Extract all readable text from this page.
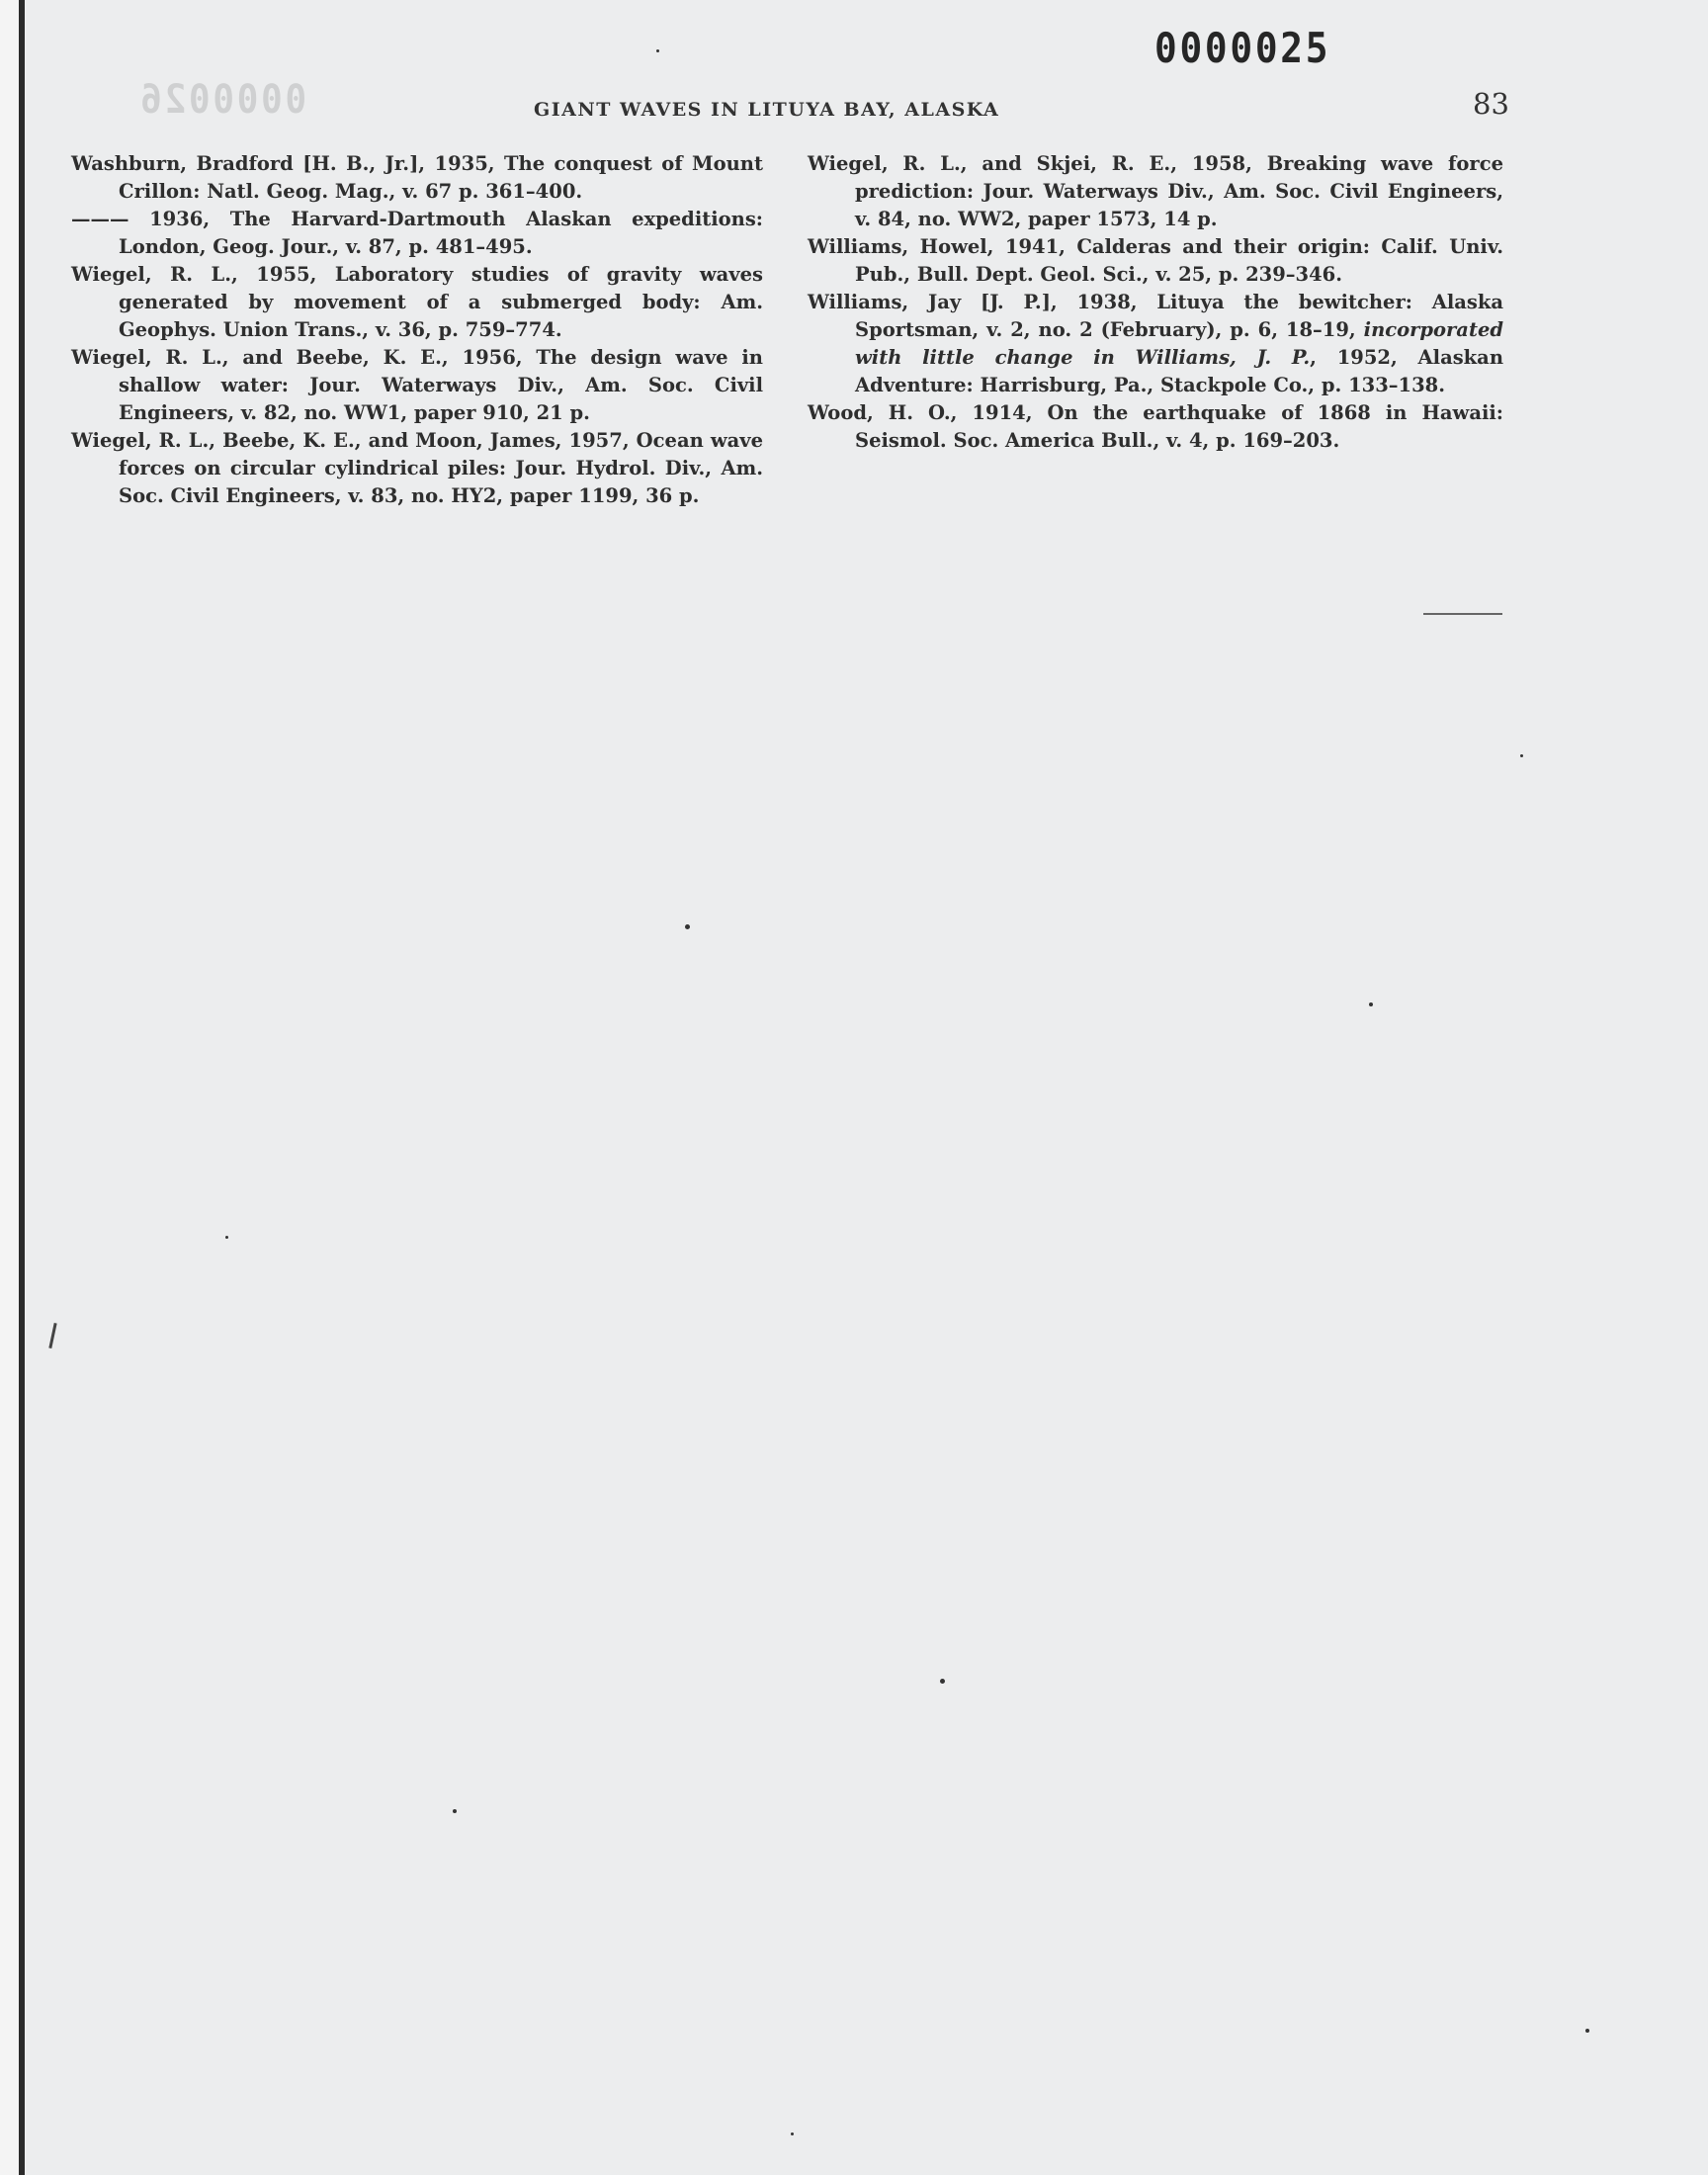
0000026
0000025
GIANT WAVES IN LITUYA BAY, ALASKA	83

Washburn, Bradford [H. B., Jr.], 1935, The conquest of Mount Crillon: Natl. Geog. Mag., v. 67 p. 361–400.

——— 1936, The Harvard-Dartmouth Alaskan expeditions: London, Geog. Jour., v. 87, p. 481–495.

Wiegel, R. L., 1955, Laboratory studies of gravity waves generated by movement of a submerged body: Am. Geophys. Union Trans., v. 36, p. 759–774.

Wiegel, R. L., and Beebe, K. E., 1956, The design wave in shallow water: Jour. Waterways Div., Am. Soc. Civil Engineers, v. 82, no. WW1, paper 910, 21 p.

Wiegel, R. L., Beebe, K. E., and Moon, James, 1957, Ocean wave forces on circular cylindrical piles: Jour. Hydrol. Div., Am. Soc. Civil Engineers, v. 83, no. HY2, paper 1199, 36 p.

Wiegel, R. L., and Skjei, R. E., 1958, Breaking wave force prediction: Jour. Waterways Div., Am. Soc. Civil Engineers, v. 84, no. WW2, paper 1573, 14 p.

Williams, Howel, 1941, Calderas and their origin: Calif. Univ. Pub., Bull. Dept. Geol. Sci., v. 25, p. 239–346.

Williams, Jay [J. P.], 1938, Lituya the bewitcher: Alaska Sportsman, v. 2, no. 2 (February), p. 6, 18–19, incorporated with little change in Williams, J. P., 1952, Alaskan Adventure: Harrisburg, Pa., Stackpole Co., p. 133–138.

Wood, H. O., 1914, On the earthquake of 1868 in Hawaii: Seismol. Soc. America Bull., v. 4, p. 169–203.
